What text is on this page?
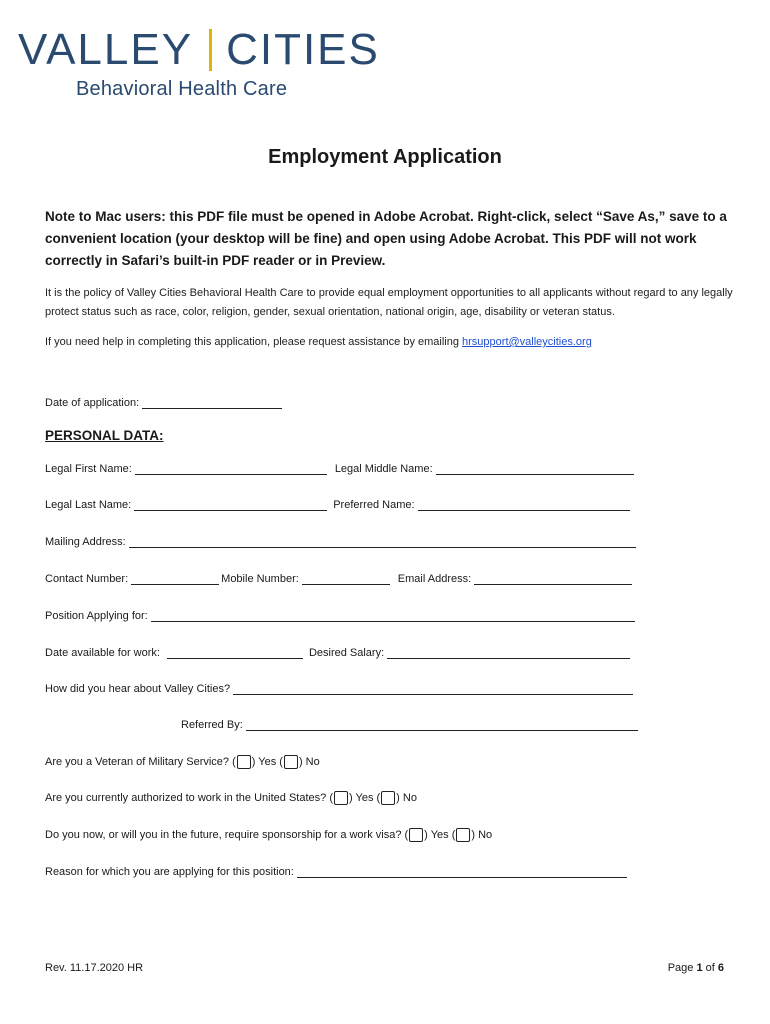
VALLEY CITIES
Behavioral Health Care
Employment Application
Note to Mac users: this PDF file must be opened in Adobe Acrobat. Right-click, select “Save As,” save to a convenient location (your desktop will be fine) and open using Adobe Acrobat. This PDF will not work correctly in Safari’s built-in PDF reader or in Preview.
It is the policy of Valley Cities Behavioral Health Care to provide equal employment opportunities to all applicants without regard to any legally protect status such as race, color, religion, gender, sexual orientation, national origin, age, disability or veteran status.
If you need help in completing this application, please request assistance by emailing hrsupport@valleycities.org
Date of application:
PERSONAL DATA:
Legal First Name:	Legal Middle Name:
Legal Last Name:	Preferred Name:
Mailing Address:
Contact Number:	Mobile Number:	Email Address:
Position Applying for:
Date available for work:	Desired Salary:
How did you hear about Valley Cities?
Referred By:
Are you a Veteran of Military Service? ( ) Yes ( ) No
Are you currently authorized to work in the United States? ( ) Yes ( ) No
Do you now, or will you in the future, require sponsorship for a work visa? ( ) Yes ( ) No
Reason for which you are applying for this position:
Rev. 11.17.2020 HR	Page 1 of 6
